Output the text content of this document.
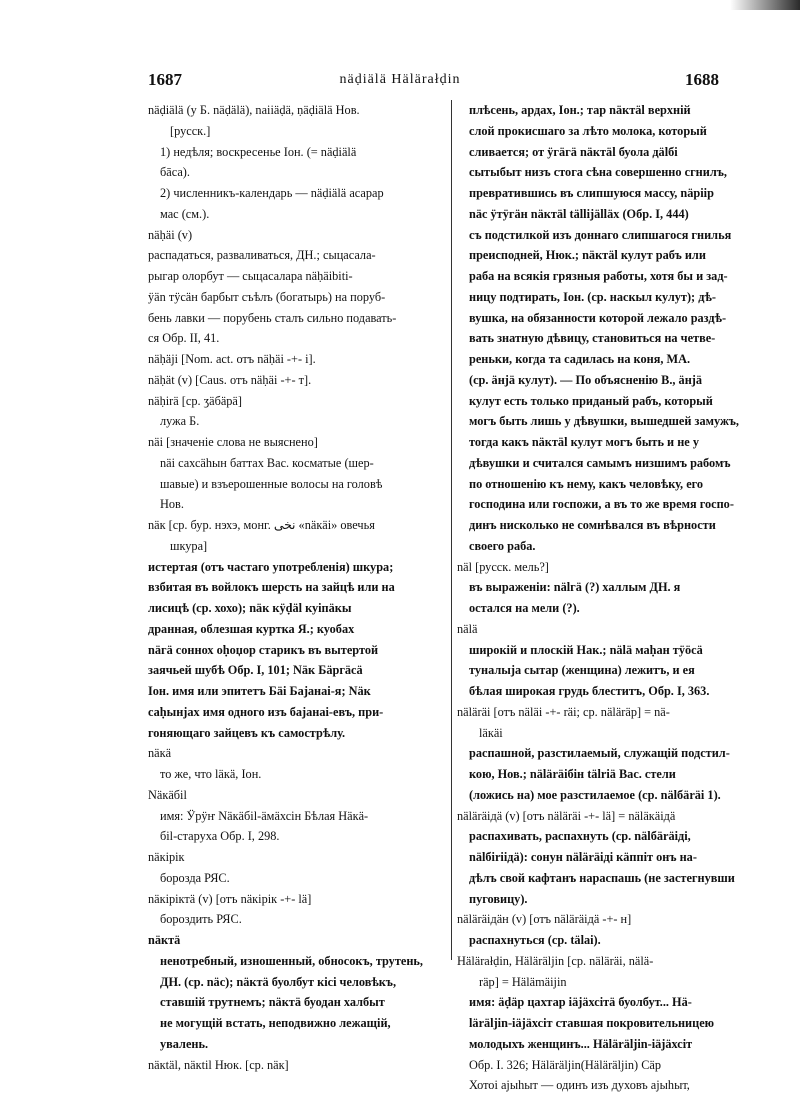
1687	näḍiälä Hälärałḍin	1688
näḍiälä (у Б. näḍälä), naiiäḍä, ṇäḍiälä Нов.
[русск.]
1) недѣля; воскресенье Іон. (= näḍiälä
бāса).
2) численникъ-календарь — näḍiälä асарар
мас (см.).
näḥäi (v)
распадаться, разваливаться, ДН.; сыцасала-
рыгар олорбут — сыцасалара näḥäibiti-
ÿän тÿсäн барбыт съѣлъ (богатырь) на поруб-
бень лавки — порубень сталъ сильно подавать-
ся Обр. II, 41.
näḥäji [Nom. act. отъ näḥäi -+- i].
näḥät (v) [Caus. отъ näḥäi -+- т].
näḥirä [ср. ӡäбäрä]
лужа Б.
näi [значеніе слова не выяснено]
näi сахсäһын баттах Вас. косматые (шер-
шавые) и взъерошенные волосы на головѣ
Нов.
näк [ср. бур. нэхэ, монг. نخى «näкäi» овечья
шкура]
истертая (отъ частаго употребленія) шкура;
взбитая въ войлокъ шерсть на зайцѣ или на
лисицѣ (ср. хохо); näк кÿḍäl куiпäкы
дранная, облезшая куртка Я.; куобах
näгä соннох оḥоџор старикъ въ вытертой
заячьей шубѣ Обр. I, 101; Näк Бäргäсä
Іон. имя или эпитетъ Бäi Баjанаi-я; Näк
саḥынjах имя одного изъ баjанаi-евъ, при-
гоняющаго зайцевъ къ самострѣлу.
näкä
то же, что läкä, Іон.
Näкäбil
имя: Ӱрӱҥ Näкäбil-äмäхсін Бѣлая Нäкä-
бil-старуха Обр. I, 298.
näкiрiк
борозда РЯС.
näкiрiктä (v) [отъ näкiрiк -+- lä]
бороздить РЯС.
näктä
ненотребный, изношенный, обносокъ, трутень,
ДН. (ср. näс); näктä буолбут кiсi человѣкъ,
ставшій трутнемъ; näктä буодан халбыт
не могущій встать, неподвижно лежащій,
увалень.
näкtäl, näкtil Нюк. [ср. näк]
плѣсень, ардах, Іон.; тар näктäl верхній
слой прокисшаго за лѣто молока, который
сливается; от ÿгäгä näктäl буола дälбi
сытыбыт низъ стога сѣна совершенно сгнилъ,
превратившись въ слипшуюся массу, näрiiр
näс ÿтÿгäн näктäl tällijälläх (Обр. I, 444)
съ подстилкой изъ доннаго слипшагося гнилья
преисподней, Нюк.; näктäl кулут рабъ или
раба на всякія грязныя работы, хотя бы и зад-
ницу подтирать, Іон. (ср. наскыл кулут); дѣ-
вушка, на обязанности которой лежало раздѣ-
вать знатную дѣвицу, становиться на четве-
реньки, когда та садилась на коня, МА.
(ср. äнjä кулут). — По объясненію В., äнjä
кулут есть только приданый рабъ, который
могъ быть лишь у дѣвушки, вышедшей замужъ,
тогда какъ näктäl кулут могъ быть и не у
дѣвушки и считался самымъ низшимъ рабомъ
по отношенію къ нему, какъ человѣку, его
господина или госпожи, а въ то же время госпо-
динъ нисколько не сомнѣвался въ вѣрности
своего раба.
näl [русск. мель?]
въ выраженіи: nälгä (?) халлым ДН. я
остался на мели (?).
nälä
широкій и плоскій Нак.; nälä маḥан тÿöсä
туналыjа сытар (женщина) лежитъ, и ея
бѣлая широкая грудь блеститъ, Обр. I, 363.
näläräi [отъ näläi -+- räi; ср. näläräр] = nä-
läкäi
распашной, разстилаемый, служащій подстил-
кою, Нов.; näläräiбiн tälriä Вас. стели
(ложись на) мое разстилаемое (ср. nälбäräi 1).
näläräiдä (v) [отъ näläräi -+- lä] = näläкäiдä
распахивать, распахнуть (ср. nälбäräiді,
nälбiriiдä): сонун näläräiдi кäппiт онъ на-
дѣлъ свой кафтанъ нараспашь (не застегнувши
пуговицу).
näläräiдäн (v) [отъ näläräiдä -+- н]
распахнуться (ср. tälai).
Hälärałḍin, Hälärälјin [ср. näläräi, nälä-
räр] = Hälämäiјin
имя: äḍäр цахтар iäjäхсiтä буолбут... Нä-
lärälјin-iäjäхсiт ставшая покровительницею
молодыхъ женщинъ... Hälärälјin-iäjäхсiт
Обр. I. 326; Hälärälјin(Hälärälјin) Сäр
Хотоi аjыһыт — одинъ изъ духовъ аjыһыт,
